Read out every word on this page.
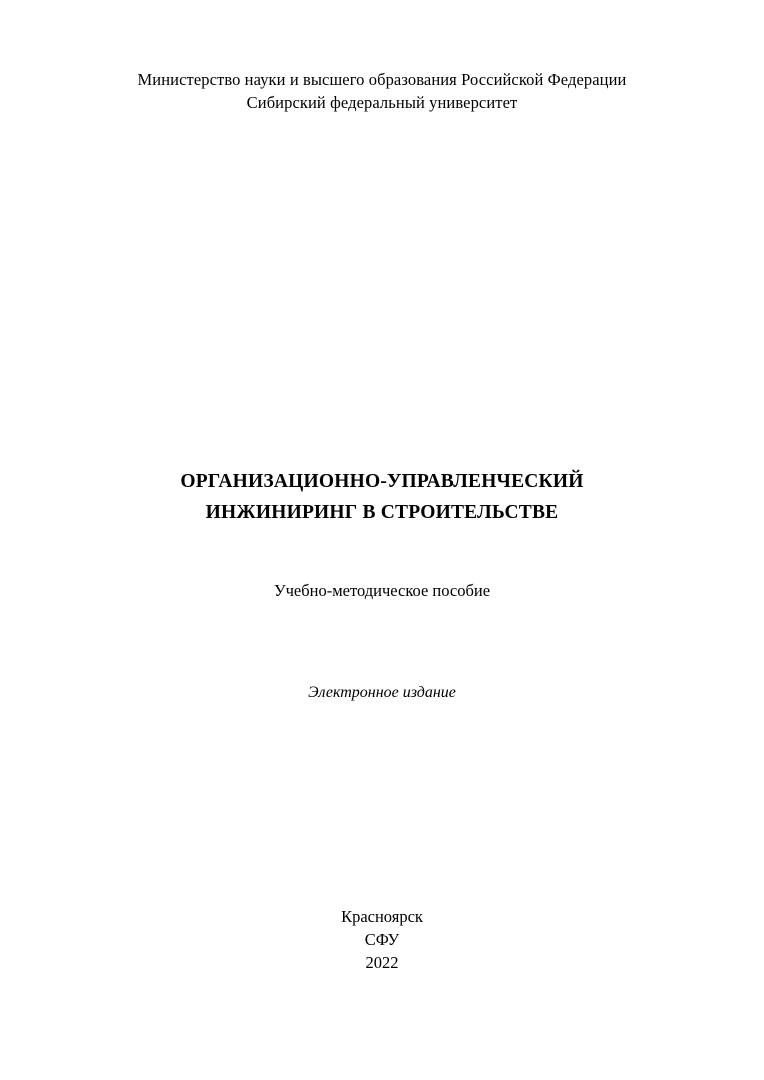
Министерство науки и высшего образования Российской Федерации
Сибирский федеральный университет
ОРГАНИЗАЦИОННО-УПРАВЛЕНЧЕСКИЙ
ИНЖИНИРИНГ В СТРОИТЕЛЬСТВЕ
Учебно-методическое пособие
Электронное издание
Красноярск
СФУ
2022
